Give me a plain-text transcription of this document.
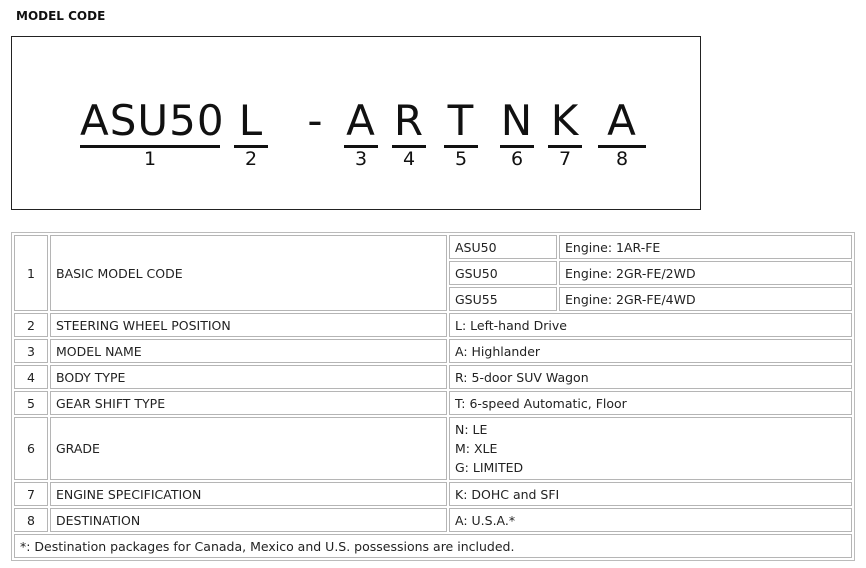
MODEL CODE
ASU50
1
L
2
- A
3
R
4
T
5
N
6
K
7
A
8
1	BASIC MODEL CODE	ASU50	Engine: 1AR-FE
		GSU50	Engine: 2GR-FE/2WD
		GSU55	Engine: 2GR-FE/4WD
2	STEERING WHEEL POSITION	L: Left-hand Drive	
3	MODEL NAME	A: Highlander	
4	BODY TYPE	R: 5-door SUV Wagon	
5	GEAR SHIFT TYPE	T: 6-speed Automatic, Floor	
6	GRADE	N: LE
M: XLE
G: LIMITED	

7	ENGINE SPECIFICATION	K: DOHC and SFI	
8	DESTINATION	A: U.S.A.*	
*: Destination packages for Canada, Mexico and U.S. possessions are included.			
